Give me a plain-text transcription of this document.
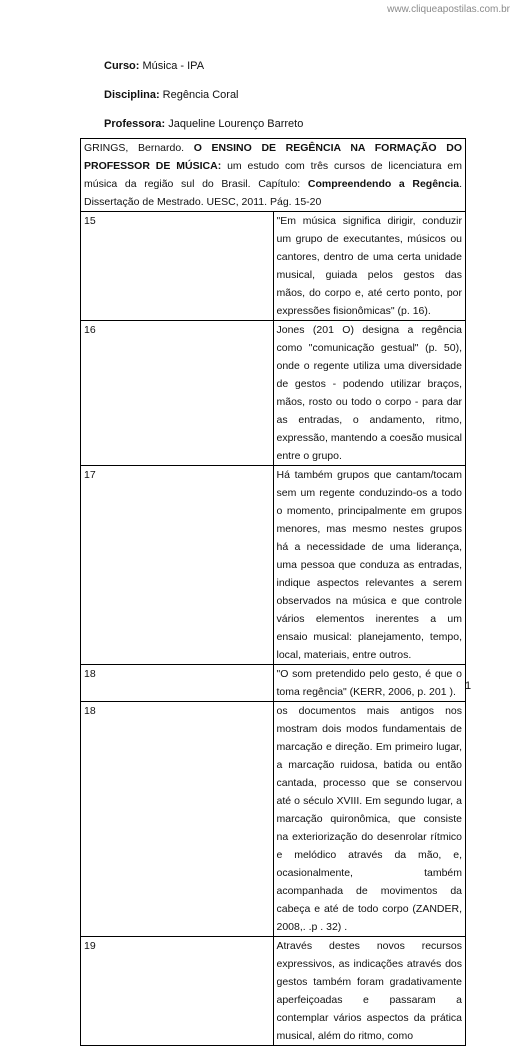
www.cliqueapostilas.com.br
Curso: Música - IPA
Disciplina: Regência Coral
Professora: Jaqueline Lourenço Barreto
GRINGS, Bernardo. O ENSINO DE REGÊNCIA NA FORMAÇÃO DO PROFESSOR DE MÚSICA: um estudo com três cursos de licenciatura em música da região sul do Brasil. Capítulo: Compreendendo a Regência. Dissertação de Mestrado. UESC, 2011. Pág. 15-20	
15	"Em música significa dirigir, conduzir um grupo de executantes, músicos ou cantores, dentro de uma certa unidade musical, guiada pelos gestos das mãos, do corpo e, até certo ponto, por expressões fisionômicas" (p. 16).
16	Jones (201 O) designa a regência como "comunicação gestual" (p. 50), onde o regente utiliza uma diversidade de gestos - podendo utilizar braços, mãos, rosto ou todo o corpo - para dar as entradas, o andamento, ritmo, expressão, mantendo a coesão musical entre o grupo.
17	Há também grupos que cantam/tocam sem um regente conduzindo-os a todo o momento, principalmente em grupos menores, mas mesmo nestes grupos há a necessidade de uma liderança, uma pessoa que conduza as entradas, indique aspectos relevantes a serem observados na música e que controle vários elementos inerentes a um ensaio musical: planejamento, tempo, local, materiais, entre outros.
18	"O som pretendido pelo gesto, é que o toma regência" (KERR, 2006, p. 201 ).
18	os documentos mais antigos nos mostram dois modos fundamentais de marcação e direção. Em primeiro lugar, a marcação ruidosa, batida ou então cantada, processo que se conservou até o século XVIII. Em segundo lugar, a marcação quironômica, que consiste na exteriorização do desenrolar rítmico e melódico através da mão, e, ocasionalmente, também acompanhada de movimentos da cabeça e até de todo corpo (ZANDER, 2008,. .p . 32) .
19	Através destes novos recursos expressivos, as indicações através dos gestos também foram gradativamente aperfeiçoadas e passaram a contemplar vários aspectos da prática musical, além do ritmo, como
1
